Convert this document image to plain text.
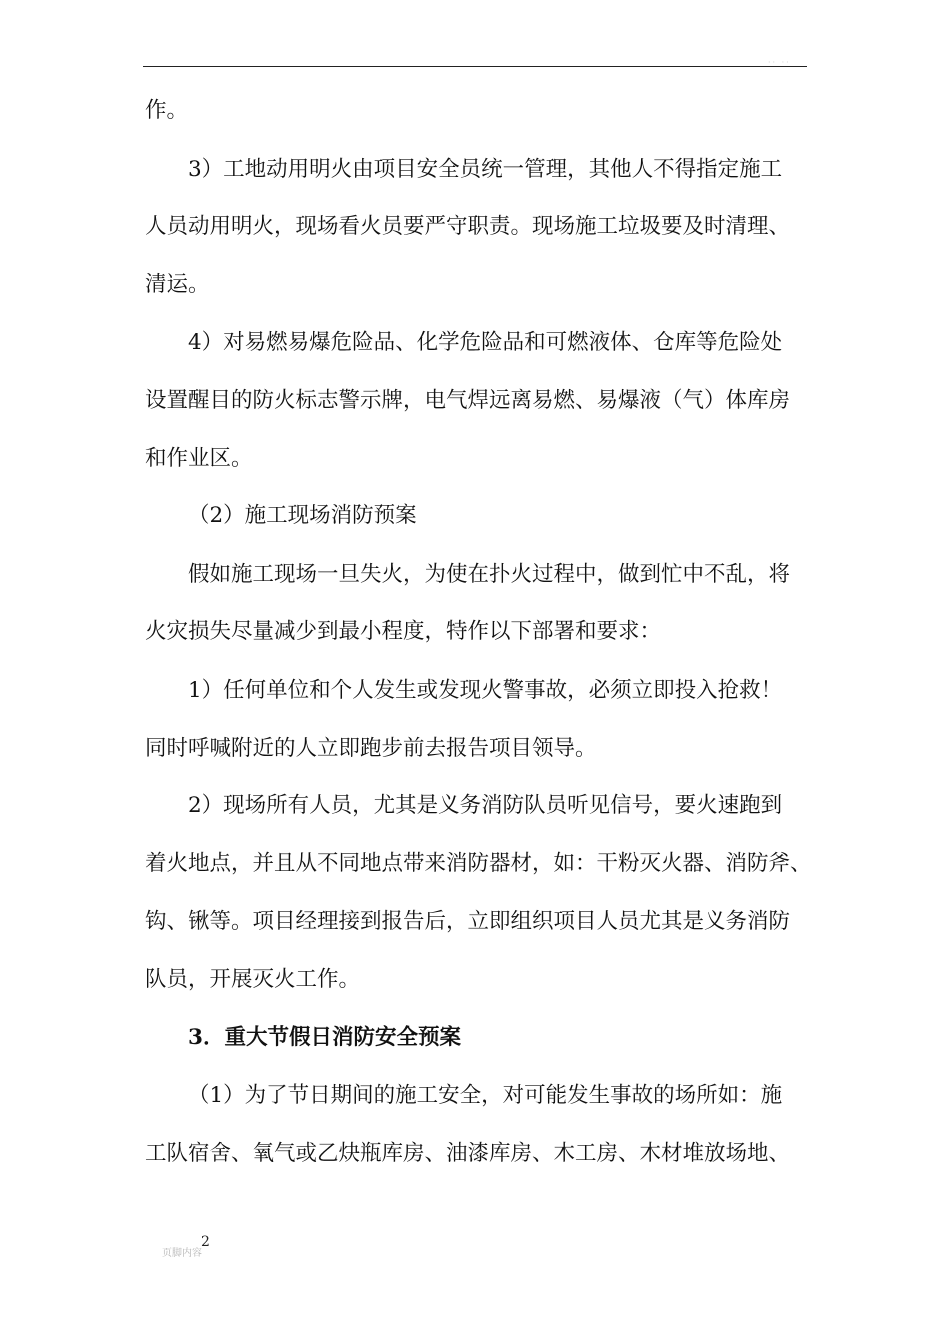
·· ··
作。
3）工地动用明火由项目安全员统一管理，其他人不得指定施工
人员动用明火，现场看火员要严守职责。现场施工垃圾要及时清理、
清运。
4）对易燃易爆危险品、化学危险品和可燃液体、仓库等危险处
设置醒目的防火标志警示牌，电气焊远离易燃、易爆液（气）体库房
和作业区。
（2）施工现场消防预案
假如施工现场一旦失火，为使在扑火过程中，做到忙中不乱，将
火灾损失尽量减少到最小程度，特作以下部署和要求：
1）任何单位和个人发生或发现火警事故，必须立即投入抢救！
同时呼喊附近的人立即跑步前去报告项目领导。
2）现场所有人员，尤其是义务消防队员听见信号，要火速跑到
着火地点，并且从不同地点带来消防器材，如：干粉灭火器、消防斧、
钩、锹等。项目经理接到报告后，立即组织项目人员尤其是义务消防
队员，开展灭火工作。
3．重大节假日消防安全预案
（1）为了节日期间的施工安全，对可能发生事故的场所如：施
工队宿舍、氧气或乙炔瓶库房、油漆库房、木工房、木材堆放场地、
页脚内容
2
